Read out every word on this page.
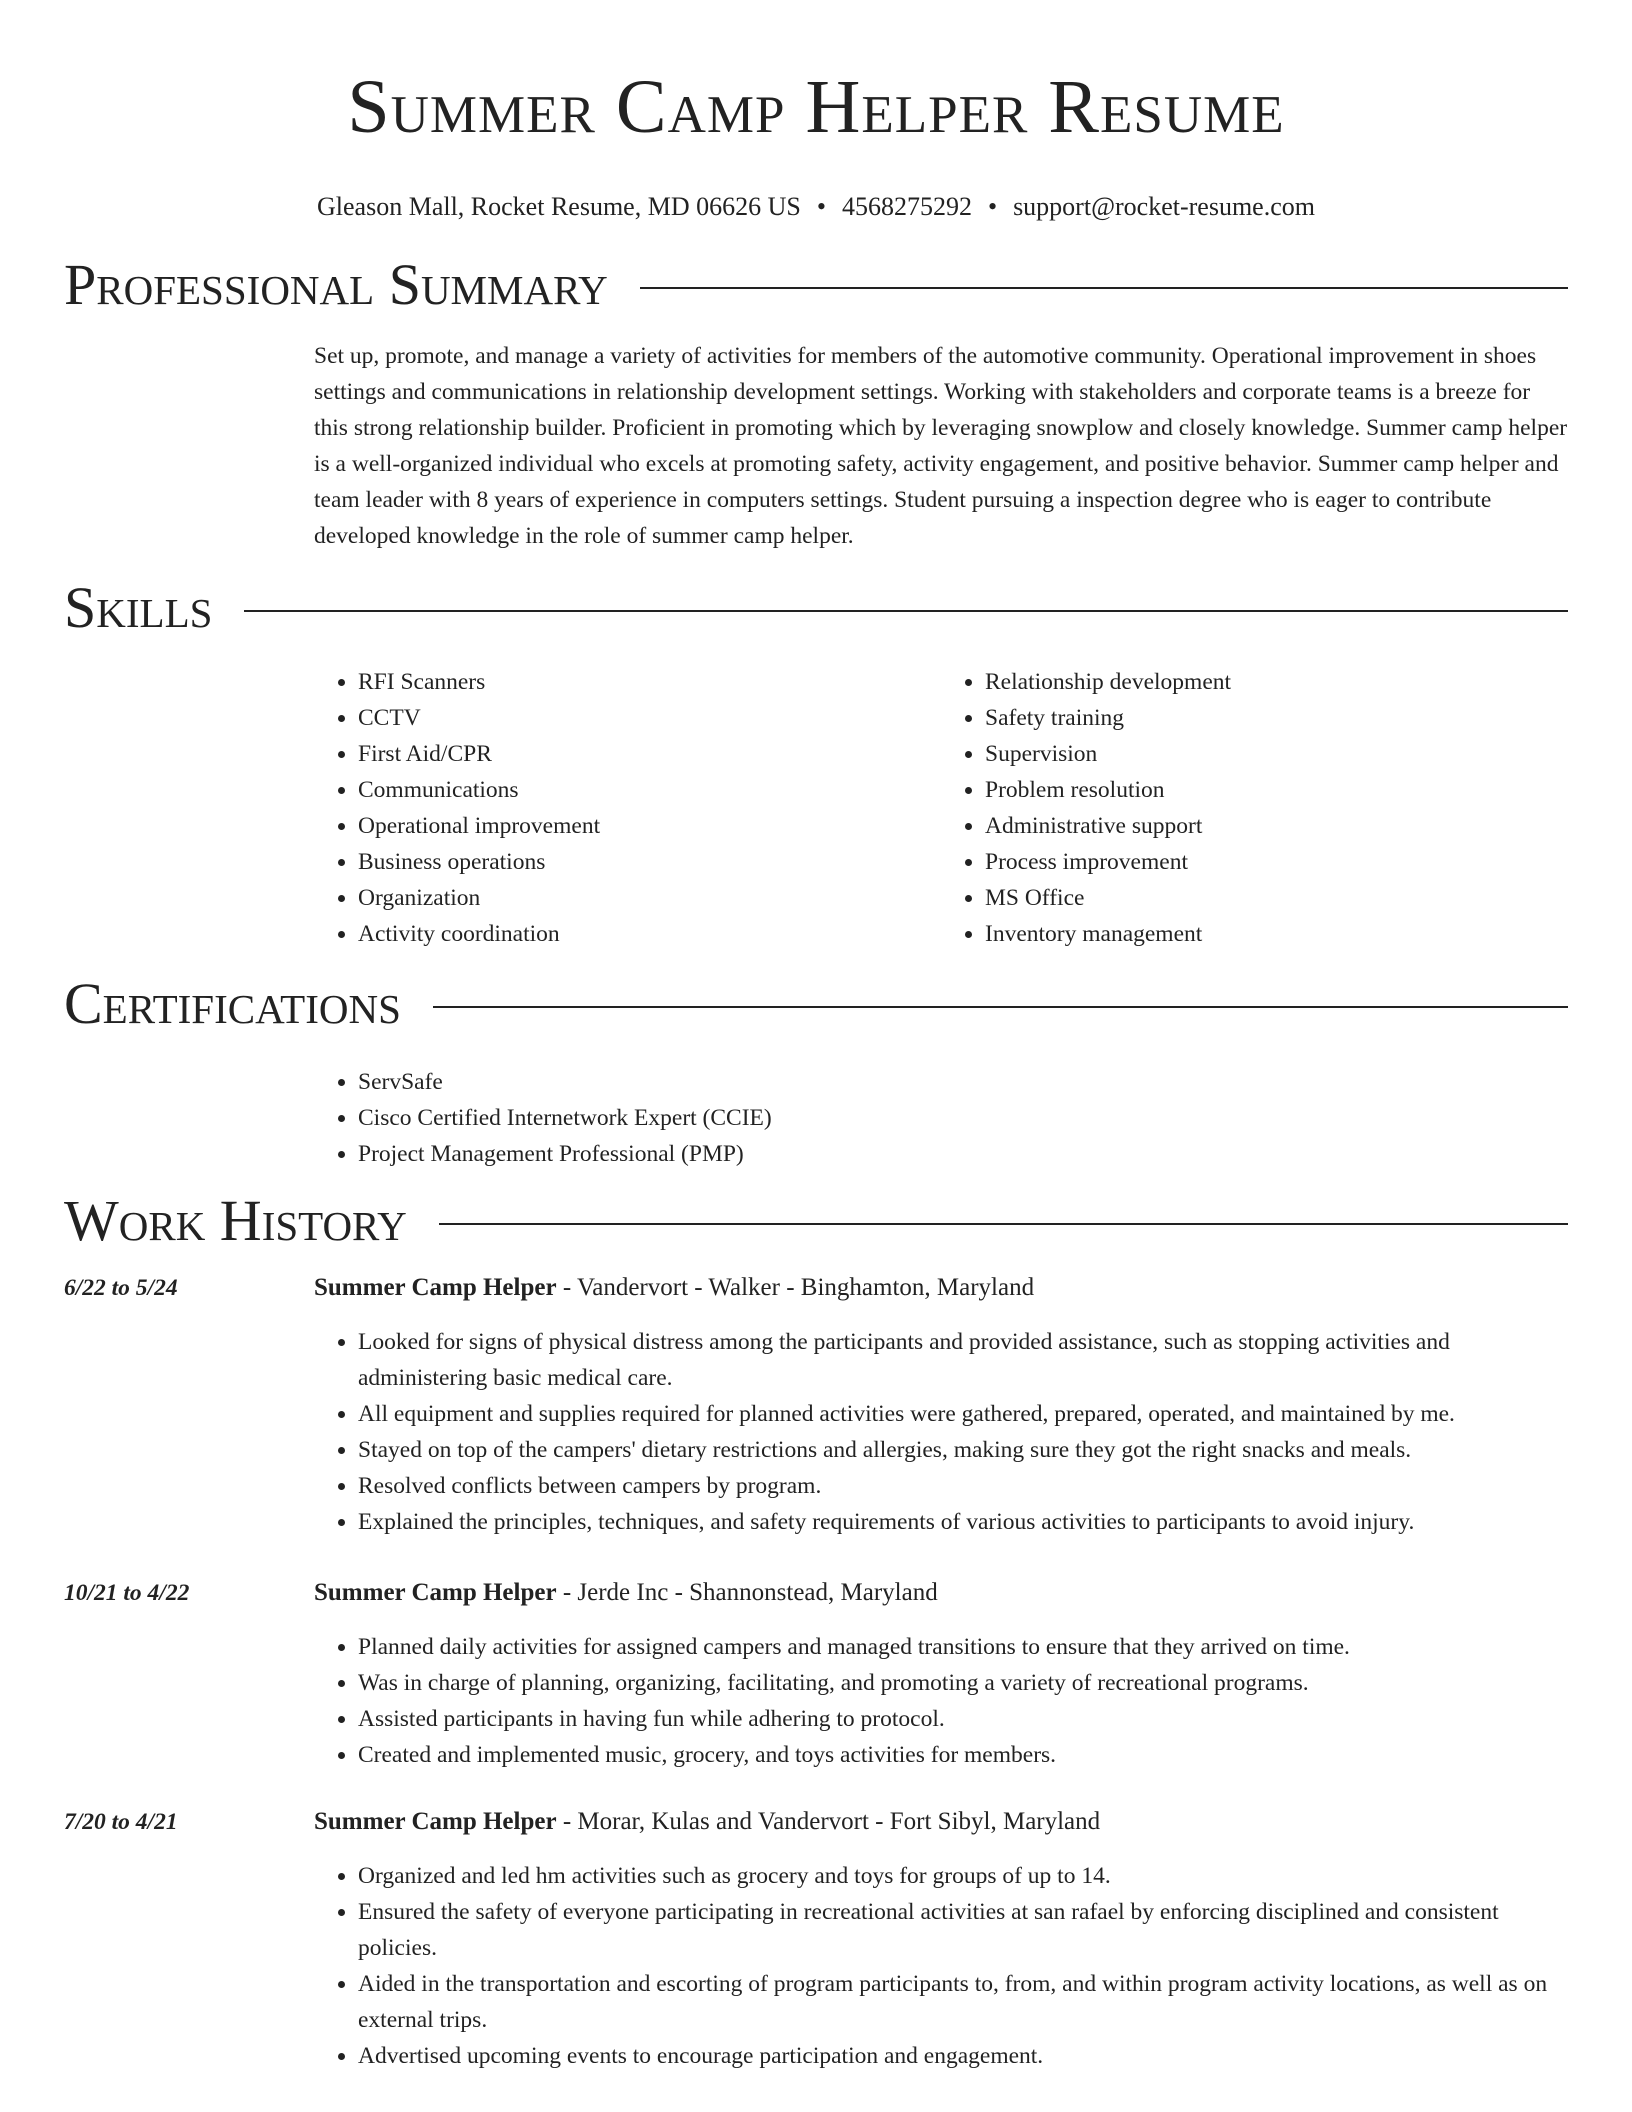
Summer Camp Helper Resume
Gleason Mall, Rocket Resume, MD 06626 US • 4568275292 • support@rocket-resume.com
Professional Summary

Set up, promote, and manage a variety of activities for members of the automotive community. Operational improvement in shoes settings and communications in relationship development settings. Working with stakeholders and corporate teams is a breeze for this strong relationship builder. Proficient in promoting which by leveraging snowplow and closely knowledge. Summer camp helper is a well-organized individual who excels at promoting safety, activity engagement, and positive behavior. Summer camp helper and team leader with 8 years of experience in computers settings. Student pursuing a inspection degree who is eager to contribute developed knowledge in the role of summer camp helper.

Skills
• RFI Scanners
• CCTV
• First Aid/CPR
• Communications
• Operational improvement
• Business operations
• Organization
• Activity coordination
• Relationship development
• Safety training
• Supervision
• Problem resolution
• Administrative support
• Process improvement
• MS Office
• Inventory management
Certifications
• ServSafe
• Cisco Certified Internetwork Expert (CCIE)
• Project Management Professional (PMP)
Work History
6/22 to 5/24	Summer Camp Helper - Vandervort - Walker - Binghamton, Maryland
• Looked for signs of physical distress among the participants and provided assistance, such as stopping activities and administering basic medical care.
• All equipment and supplies required for planned activities were gathered, prepared, operated, and maintained by me.
• Stayed on top of the campers' dietary restrictions and allergies, making sure they got the right snacks and meals.
• Resolved conflicts between campers by program.
• Explained the principles, techniques, and safety requirements of various activities to participants to avoid injury.
10/21 to 4/22	Summer Camp Helper - Jerde Inc - Shannonstead, Maryland
• Planned daily activities for assigned campers and managed transitions to ensure that they arrived on time.
• Was in charge of planning, organizing, facilitating, and promoting a variety of recreational programs.
• Assisted participants in having fun while adhering to protocol.
• Created and implemented music, grocery, and toys activities for members.
7/20 to 4/21	Summer Camp Helper - Morar, Kulas and Vandervort - Fort Sibyl, Maryland
• Organized and led hm activities such as grocery and toys for groups of up to 14.
• Ensured the safety of everyone participating in recreational activities at san rafael by enforcing disciplined and consistent policies.
• Aided in the transportation and escorting of program participants to, from, and within program activity locations, as well as on external trips.
• Advertised upcoming events to encourage participation and engagement.
